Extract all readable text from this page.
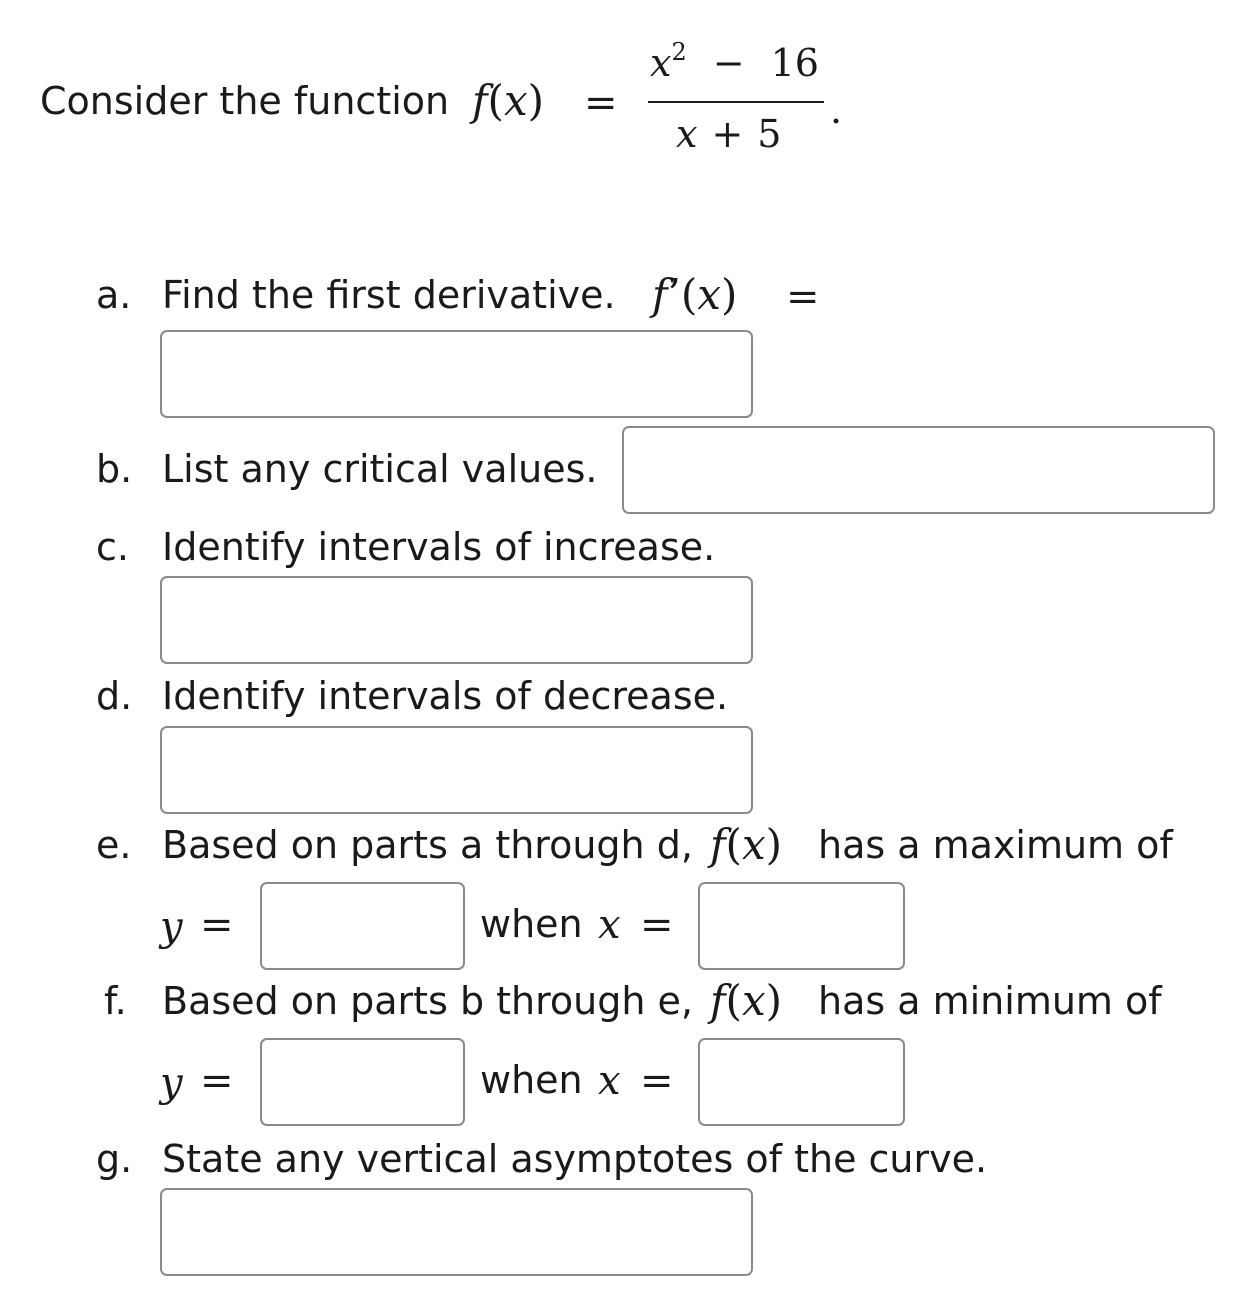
Consider the function f(x) =
$x^2 - 16$
x + 5
.
a. Find the first derivative. f’(x) =
b. List any critical values.
c. Identify intervals of increase.
d. Identify intervals of decrease.
e. Based on parts a through d, f(x) has a maximum of
y =	when x =
f. Based on parts b through e, f(x) has a minimum of
y =	when x =
g. State any vertical asymptotes of the curve.
